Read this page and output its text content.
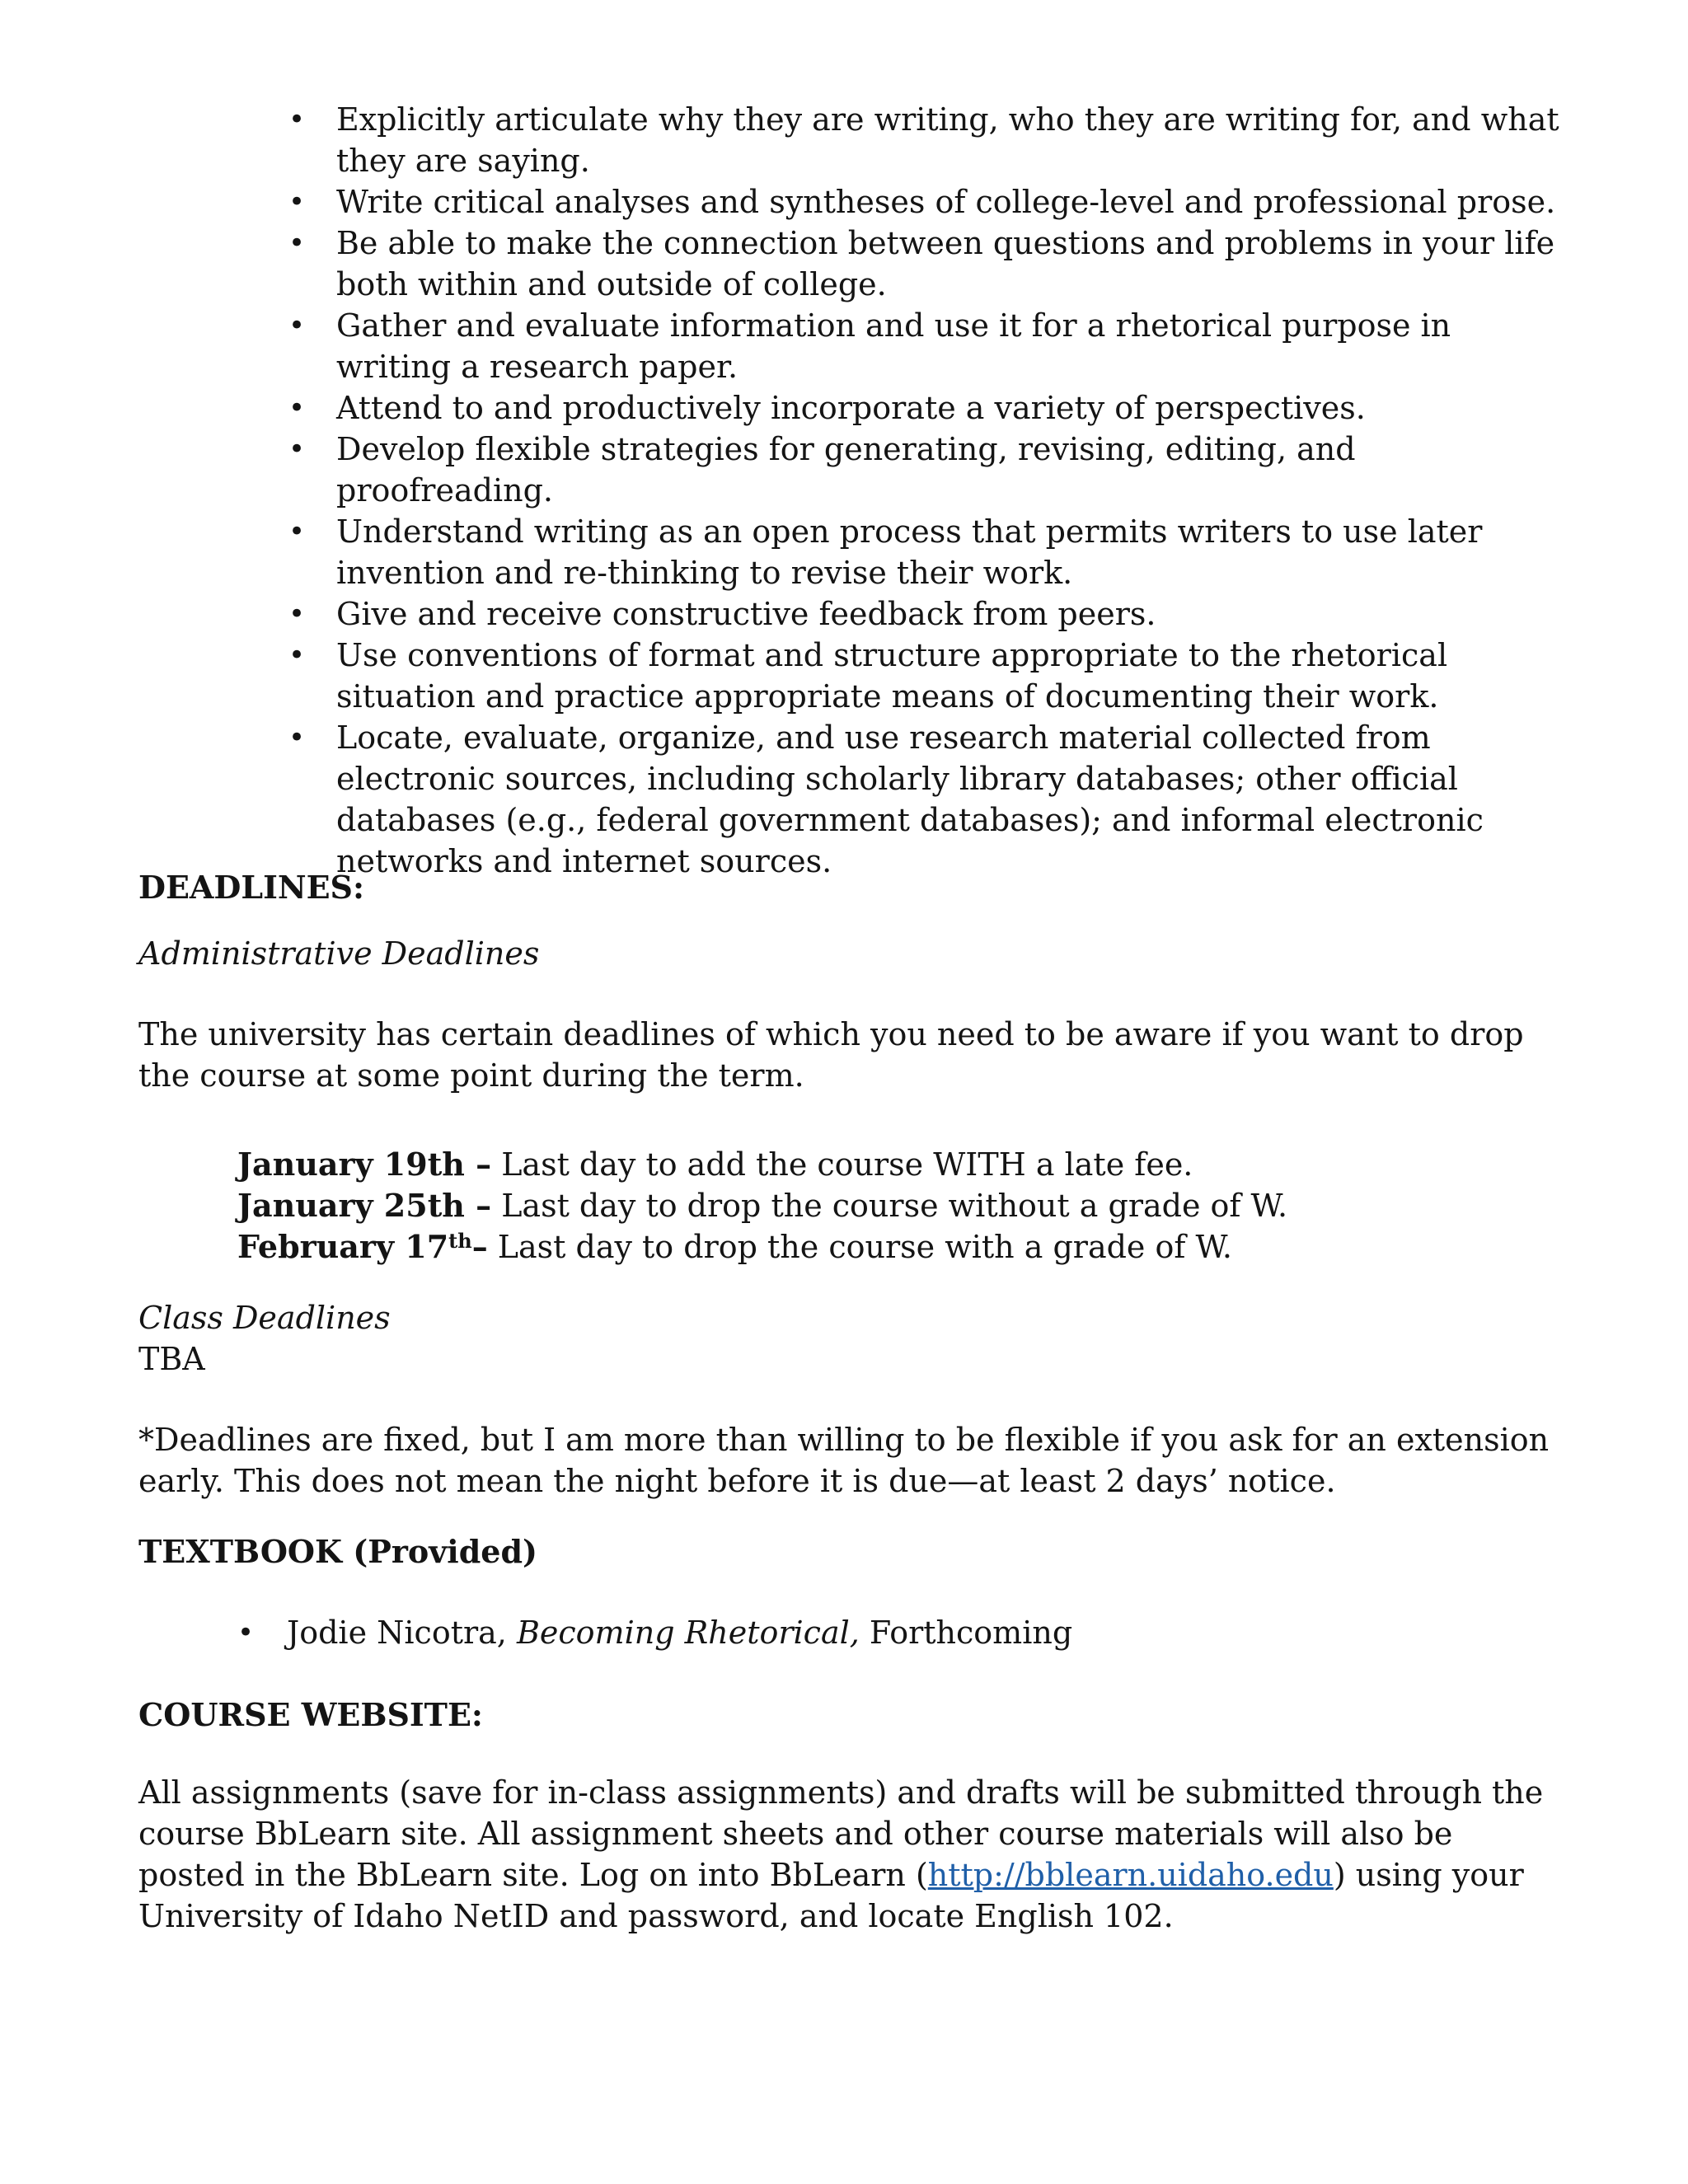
• Explicitly articulate why they are writing, who they are writing for, and what they are saying.
• Write critical analyses and syntheses of college-level and professional prose.
• Be able to make the connection between questions and problems in your life both within and outside of college.
• Gather and evaluate information and use it for a rhetorical purpose in writing a research paper.
• Attend to and productively incorporate a variety of perspectives.
• Develop flexible strategies for generating, revising, editing, and proofreading.
• Understand writing as an open process that permits writers to use later invention and re-thinking to revise their work.
• Give and receive constructive feedback from peers.
• Use conventions of format and structure appropriate to the rhetorical situation and practice appropriate means of documenting their work.
• Locate, evaluate, organize, and use research material collected from electronic sources, including scholarly library databases; other official databases (e.g., federal government databases); and informal electronic networks and internet sources.

DEADLINES:

Administrative Deadlines

The university has certain deadlines of which you need to be aware if you want to drop the course at some point during the term.

January 19th – Last day to add the course WITH a late fee.
January 25th – Last day to drop the course without a grade of W.
February 17th– Last day to drop the course with a grade of W.

Class Deadlines

TBA

*Deadlines are fixed, but I am more than willing to be flexible if you ask for an extension early. This does not mean the night before it is due—at least 2 days’ notice.

TEXTBOOK (Provided)

• Jodie Nicotra, Becoming Rhetorical, Forthcoming

COURSE WEBSITE:

All assignments (save for in-class assignments) and drafts will be submitted through the course BbLearn site. All assignment sheets and other course materials will also be posted in the BbLearn site. Log on into BbLearn (http://bblearn.uidaho.edu) using your University of Idaho NetID and password, and locate English 102.
